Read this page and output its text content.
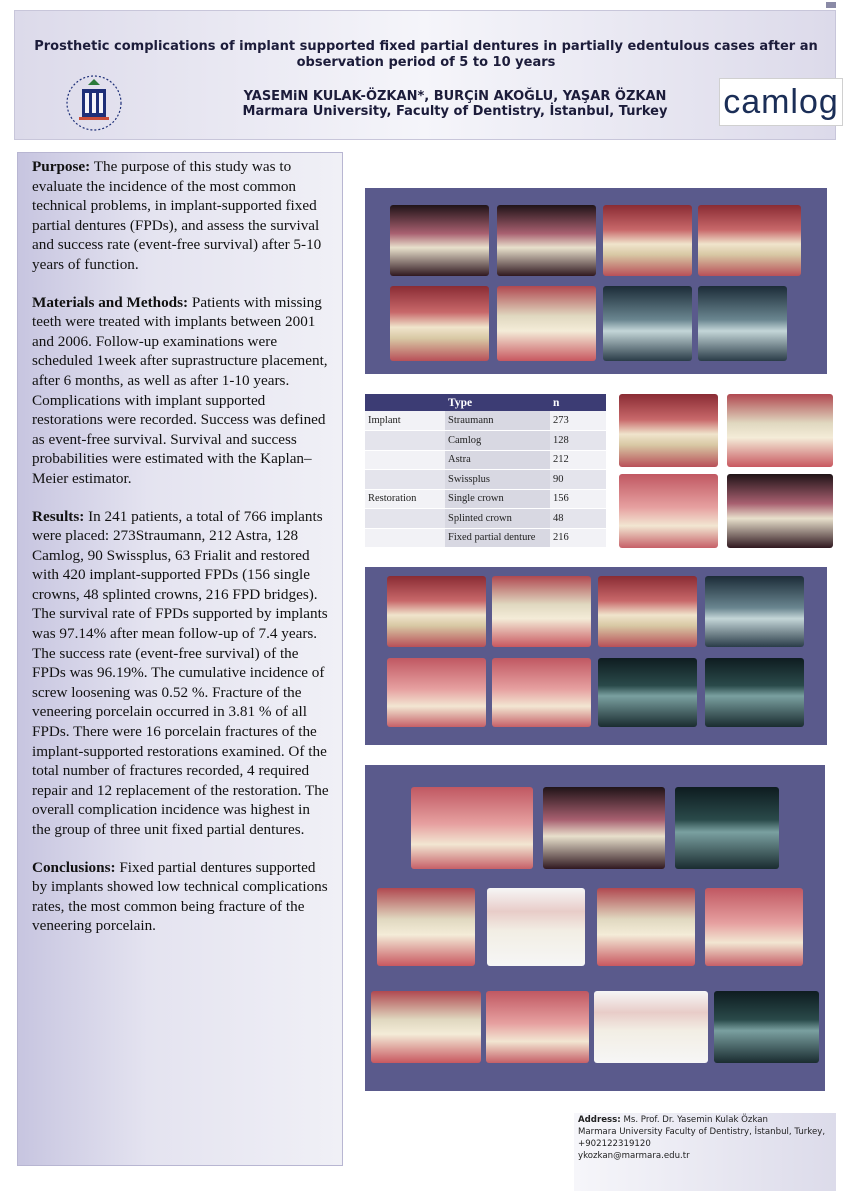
Prosthetic complications of implant supported fixed partial dentures in partially edentulous cases after an observation period of 5 to 10 years
YASEMiN KULAK-ÖZKAN*, BURÇiN AKOĞLU, YAŞAR ÖZKAN
Marmara University, Faculty of Dentistry, İstanbul, Turkey	camlog

Purpose: The purpose of this study was to evaluate the incidence of the most common technical problems, in implant-supported fixed partial dentures (FPDs), and assess the survival and success rate (event-free survival) after 5-10 years of function.

Materials and Methods: Patients with missing teeth were treated with implants between 2001 and 2006. Follow-up examinations were scheduled 1week after suprastructure placement, after 6 months, as well as after 1-10 years. Complications with implant supported restorations were recorded. Success was defined as event-free survival. Survival and success probabilities were estimated with the Kaplan–Meier estimator.

Results: In 241 patients, a total of 766 implants were placed: 273Straumann, 212 Astra, 128 Camlog, 90 Swissplus, 63 Frialit and restored with 420 implant-supported FPDs (156 single crowns, 48 splinted crowns, 216 FPD bridges). The survival rate of FPDs supported by implants was 97.14% after mean follow-up of 7.4 years. The success rate (event-free survival) of the FPDs was 96.19%. The cumulative incidence of screw loosening was 0.52 %. Fracture of the veneering porcelain occurred in 3.81 % of all FPDs. There were 16 porcelain fractures of the implant-supported restorations examined. Of the total number of fractures recorded, 4 required repair and 12 replacement of the restoration. The overall complication incidence was highest in the group of three unit fixed partial dentures.

Conclusions: Fixed partial dentures supported by implants showed low technical complications rates, the most common being fracture of the veneering porcelain.

	Type	n
Implant	Straumann	273
	Camlog	128
	Astra	212
	Swissplus	90
Restoration	Single crown	156
	Splinted crown	48
	Fixed partial denture	216
Address: Ms. Prof. Dr. Yasemin Kulak Özkan
Marmara University Faculty of Dentistry, İstanbul, Turkey,
+902122319120
ykozkan@marmara.edu.tr
